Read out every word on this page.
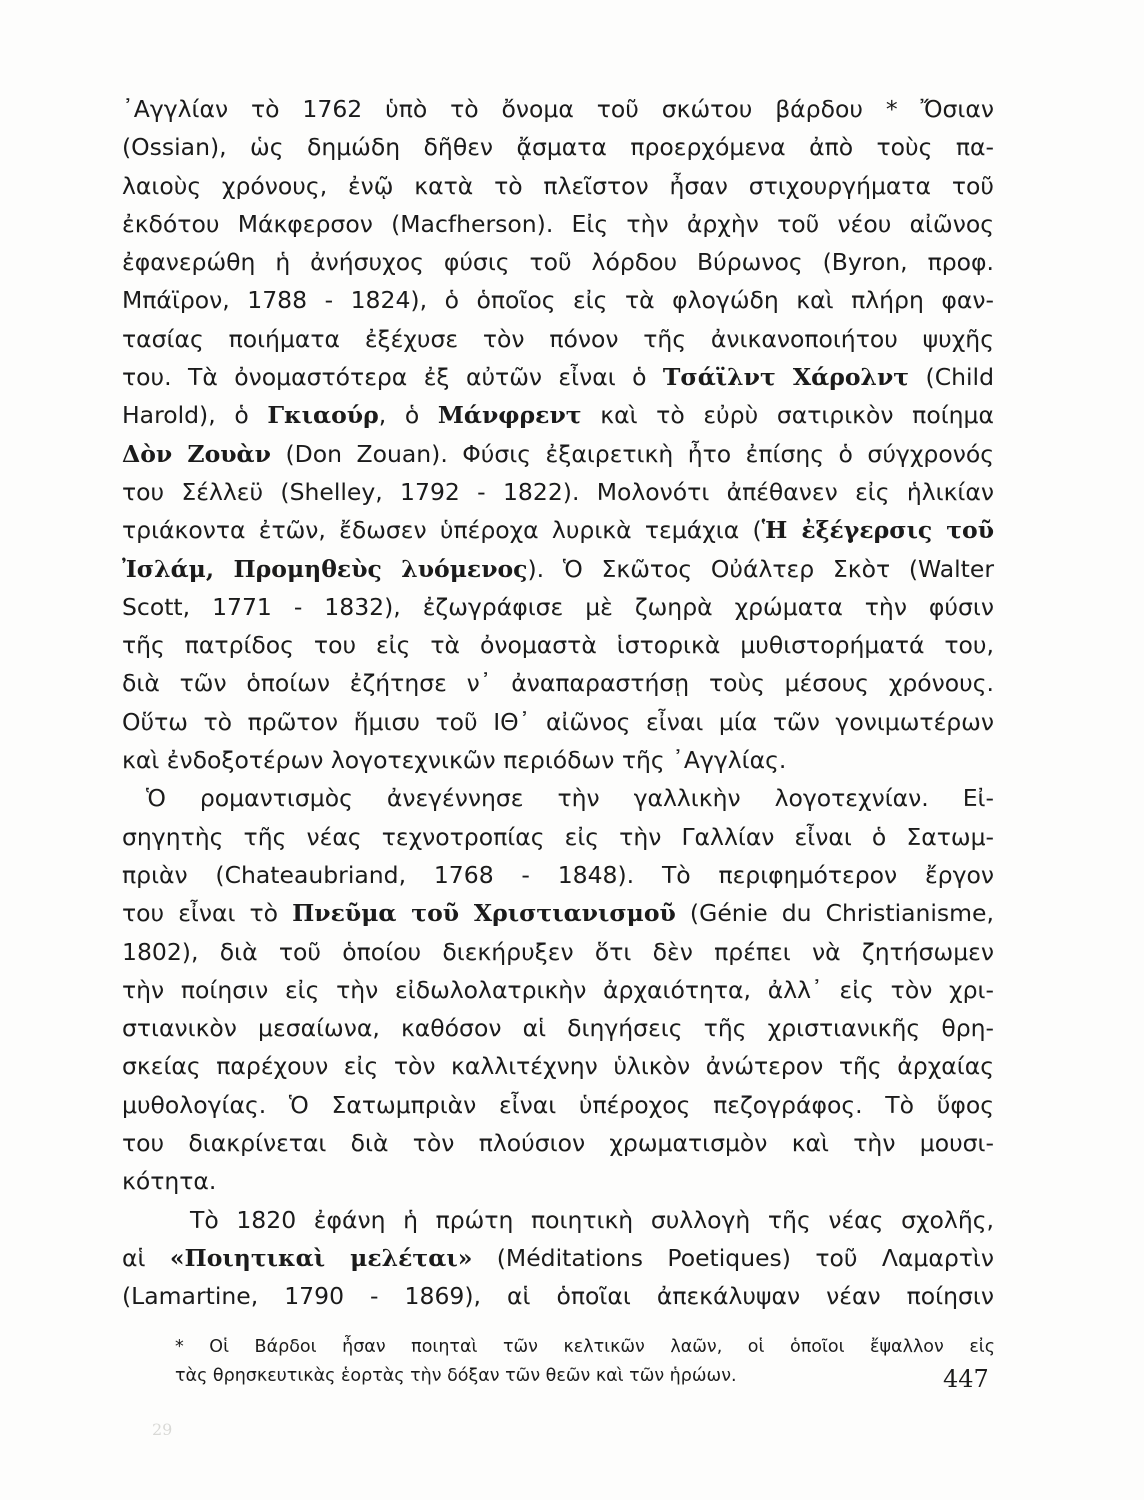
᾿Αγγλίαν τὸ 1762 ὑπὸ τὸ ὄνομα τοῦ σκώτου βάρδου * Ὄσιαν
(Ossian), ὡς δημώδη δῆθεν ᾄσματα προερχόμενα ἀπὸ τοὺς πα-
λαιοὺς χρόνους, ἐνῷ κατὰ τὸ πλεῖστον ἦσαν στιχουργήματα τοῦ
ἐκδότου Μάκφερσον (Macfherson). Εἰς τὴν ἀρχὴν τοῦ νέου αἰῶνος
ἐφανερώθη ἡ ἀνήσυχος φύσις τοῦ λόρδου Βύρωνος (Byron, προφ.
Μπάϊρον, 1788 - 1824), ὁ ὁποῖος εἰς τὰ φλογώδη καὶ πλήρη φαν-
τασίας ποιήματα ἐξέχυσε τὸν πόνον τῆς ἀνικανοποιήτου ψυχῆς
του. Τὰ ὀνομαστότερα ἐξ αὐτῶν εἶναι ὁ Τσάϊλντ Χάρολντ (Child
Harold), ὁ Γκιαούρ, ὁ Μάνφρεντ καὶ τὸ εὐρὺ σατιρικὸν ποίημα
Δὸν Ζουὰν (Don Zouan). Φύσις ἐξαιρετικὴ ἦτο ἐπίσης ὁ σύγχρονός
του Σέλλεϋ (Shelley, 1792 - 1822). Μολονότι ἀπέθανεν εἰς ἡλικίαν
τριάκοντα ἐτῶν, ἔδωσεν ὑπέροχα λυρικὰ τεμάχια (Ἡ ἐξέγερσις τοῦ
Ἰσλάμ, Προμηθεὺς λυόμενος). Ὁ Σκῶτος Οὐάλτερ Σκὸτ (Walter
Scott, 1771 - 1832), ἐζωγράφισε μὲ ζωηρὰ χρώματα τὴν φύσιν
τῆς πατρίδος του εἰς τὰ ὀνομαστὰ ἱστορικὰ μυθιστορήματά του,
διὰ τῶν ὁποίων ἐζήτησε ν᾿ ἀναπαραστήσῃ τοὺς μέσους χρόνους.
Οὕτω τὸ πρῶτον ἥμισυ τοῦ ΙΘ᾿ αἰῶνος εἶναι μία τῶν γονιμωτέρων
καὶ ἐνδοξοτέρων λογοτεχνικῶν περιόδων τῆς ᾿Αγγλίας.
Ὁ ρομαντισμὸς ἀνεγέννησε τὴν γαλλικὴν λογοτεχνίαν. Εἰ-
σηγητὴς τῆς νέας τεχνοτροπίας εἰς τὴν Γαλλίαν εἶναι ὁ Σατωμ-
πριὰν (Chateaubriand, 1768 - 1848). Τὸ περιφημότερον ἔργον
του εἶναι τὸ Πνεῦμα τοῦ Χριστιανισμοῦ (Génie du Christianisme,
1802), διὰ τοῦ ὁποίου διεκήρυξεν ὅτι δὲν πρέπει νὰ ζητήσωμεν
τὴν ποίησιν εἰς τὴν εἰδωλολατρικὴν ἀρχαιότητα, ἀλλ᾿ εἰς τὸν χρι-
στιανικὸν μεσαίωνα, καθόσον αἱ διηγήσεις τῆς χριστιανικῆς θρη-
σκείας παρέχουν εἰς τὸν καλλιτέχνην ὑλικὸν ἀνώτερον τῆς ἀρχαίας
μυθολογίας. Ὁ Σατωμπριὰν εἶναι ὑπέροχος πεζογράφος. Τὸ ὕφος
του διακρίνεται διὰ τὸν πλούσιον χρωματισμὸν καὶ τὴν μουσι-
κότητα.
Τὸ 1820 ἐφάνη ἡ πρώτη ποιητικὴ συλλογὴ τῆς νέας σχολῆς,
αἱ «Ποιητικαὶ μελέται» (Méditations Poetiques) τοῦ Λαμαρτὶν
(Lamartine, 1790 - 1869), αἱ ὁποῖαι ἀπεκάλυψαν νέαν ποίησιν
* Οἱ Βάρδοι ἦσαν ποιηταὶ τῶν κελτικῶν λαῶν, οἱ ὁποῖοι ἔψαλλον εἰς
τὰς θρησκευτικὰς ἑορτὰς τὴν δόξαν τῶν θεῶν καὶ τῶν ἡρώων.	447
29
